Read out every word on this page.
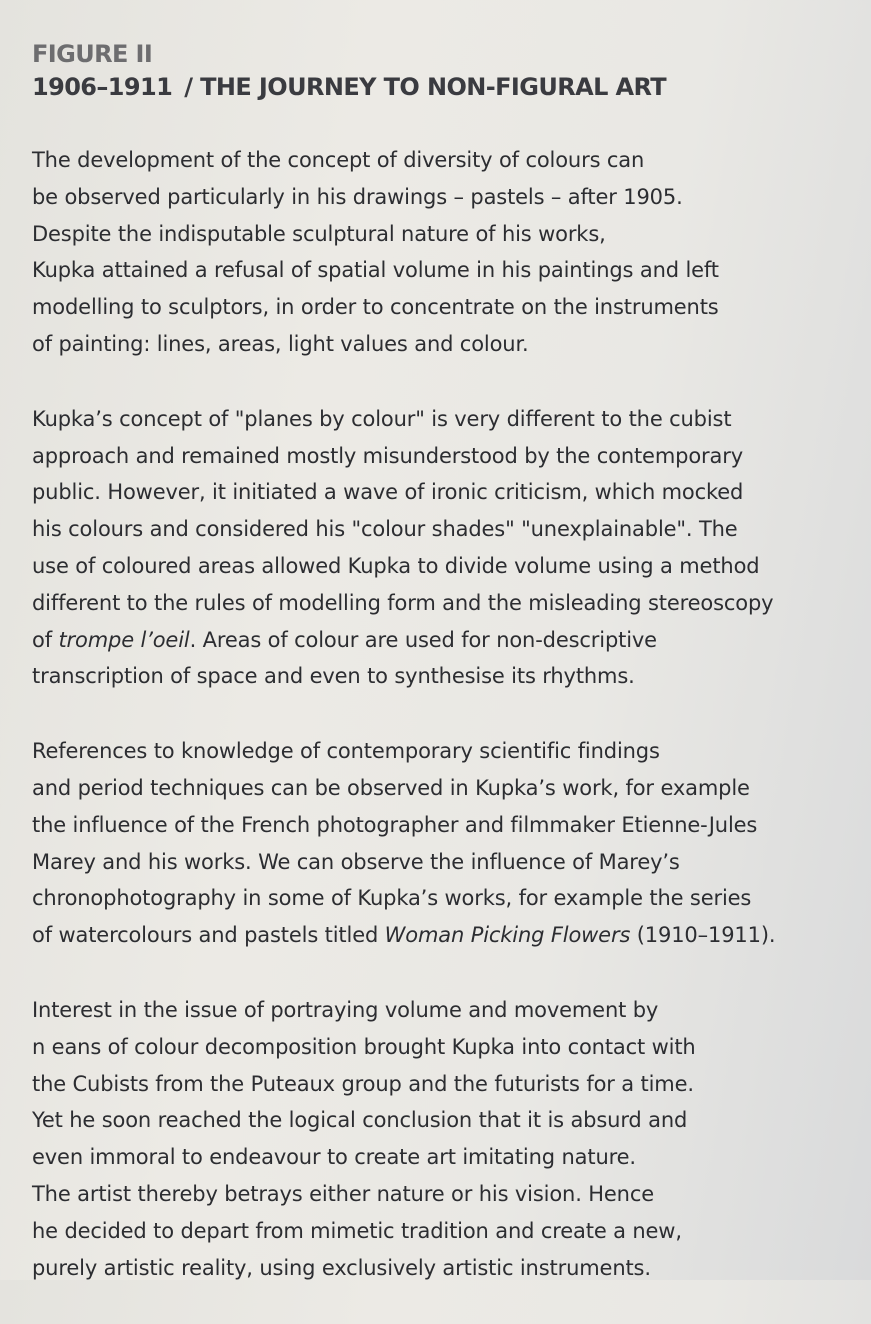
FIGURE II
1906–1911 / THE JOURNEY TO NON-FIGURAL ART
The development of the concept of diversity of colours can
be observed particularly in his drawings – pastels – after 1905.
Despite the indisputable sculptural nature of his works,
Kupka attained a refusal of spatial volume in his paintings and left
modelling to sculptors, in order to concentrate on the instruments
of painting: lines, areas, light values and colour.
Kupka’s concept of "planes by colour" is very different to the cubist
approach and remained mostly misunderstood by the contemporary
public. However, it initiated a wave of ironic criticism, which mocked
his colours and considered his "colour shades" "unexplainable". The
use of coloured areas allowed Kupka to divide volume using a method
different to the rules of modelling form and the misleading stereoscopy
of trompe l’oeil. Areas of colour are used for non-descriptive
transcription of space and even to synthesise its rhythms.
References to knowledge of contemporary scientific findings
and period techniques can be observed in Kupka’s work, for example
the influence of the French photographer and filmmaker Etienne-Jules
Marey and his works. We can observe the influence of Marey’s
chronophotography in some of Kupka’s works, for example the series
of watercolours and pastels titled Woman Picking Flowers (1910–1911).
Interest in the issue of portraying volume and movement by
n eans of colour decomposition brought Kupka into contact with
the Cubists from the Puteaux group and the futurists for a time.
Yet he soon reached the logical conclusion that it is absurd and
even immoral to endeavour to create art imitating nature.
The artist thereby betrays either nature or his vision. Hence
he decided to depart from mimetic tradition and create a new,
purely artistic reality, using exclusively artistic instruments.
